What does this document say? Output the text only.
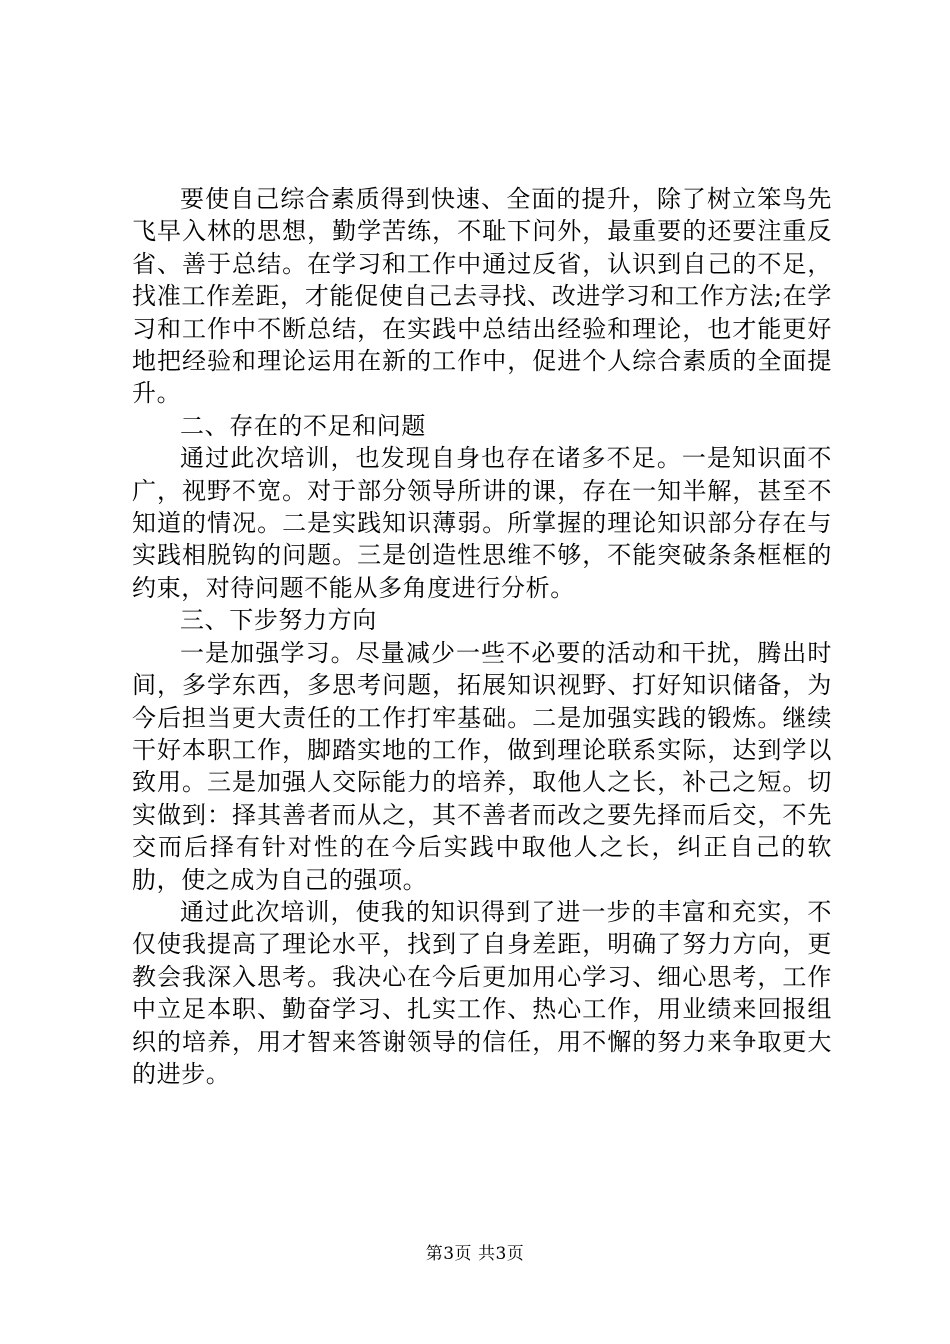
要使自己综合素质得到快速、全面的提升，除了树立笨鸟先飞早入林的思想，勤学苦练，不耻下问外，最重要的还要注重反省、善于总结。在学习和工作中通过反省，认识到自己的不足，找准工作差距，才能促使自己去寻找、改进学习和工作方法;在学习和工作中不断总结，在实践中总结出经验和理论，也才能更好地把经验和理论运用在新的工作中，促进个人综合素质的全面提升。

二、存在的不足和问题

通过此次培训，也发现自身也存在诸多不足。一是知识面不广，视野不宽。对于部分领导所讲的课，存在一知半解，甚至不知道的情况。二是实践知识薄弱。所掌握的理论知识部分存在与实践相脱钩的问题。三是创造性思维不够，不能突破条条框框的约束，对待问题不能从多角度进行分析。

三、下步努力方向

一是加强学习。尽量减少一些不必要的活动和干扰，腾出时间，多学东西，多思考问题，拓展知识视野、打好知识储备，为今后担当更大责任的工作打牢基础。二是加强实践的锻炼。继续干好本职工作，脚踏实地的工作，做到理论联系实际，达到学以致用。三是加强人交际能力的培养，取他人之长，补己之短。切实做到：择其善者而从之，其不善者而改之要先择而后交，不先交而后择有针对性的在今后实践中取他人之长，纠正自己的软肋，使之成为自己的强项。

通过此次培训，使我的知识得到了进一步的丰富和充实，不仅使我提高了理论水平，找到了自身差距，明确了努力方向，更教会我深入思考。我决心在今后更加用心学习、细心思考，工作中立足本职、勤奋学习、扎实工作、热心工作，用业绩来回报组织的培养，用才智来答谢领导的信任，用不懈的努力来争取更大的进步。

第3页 共3页
